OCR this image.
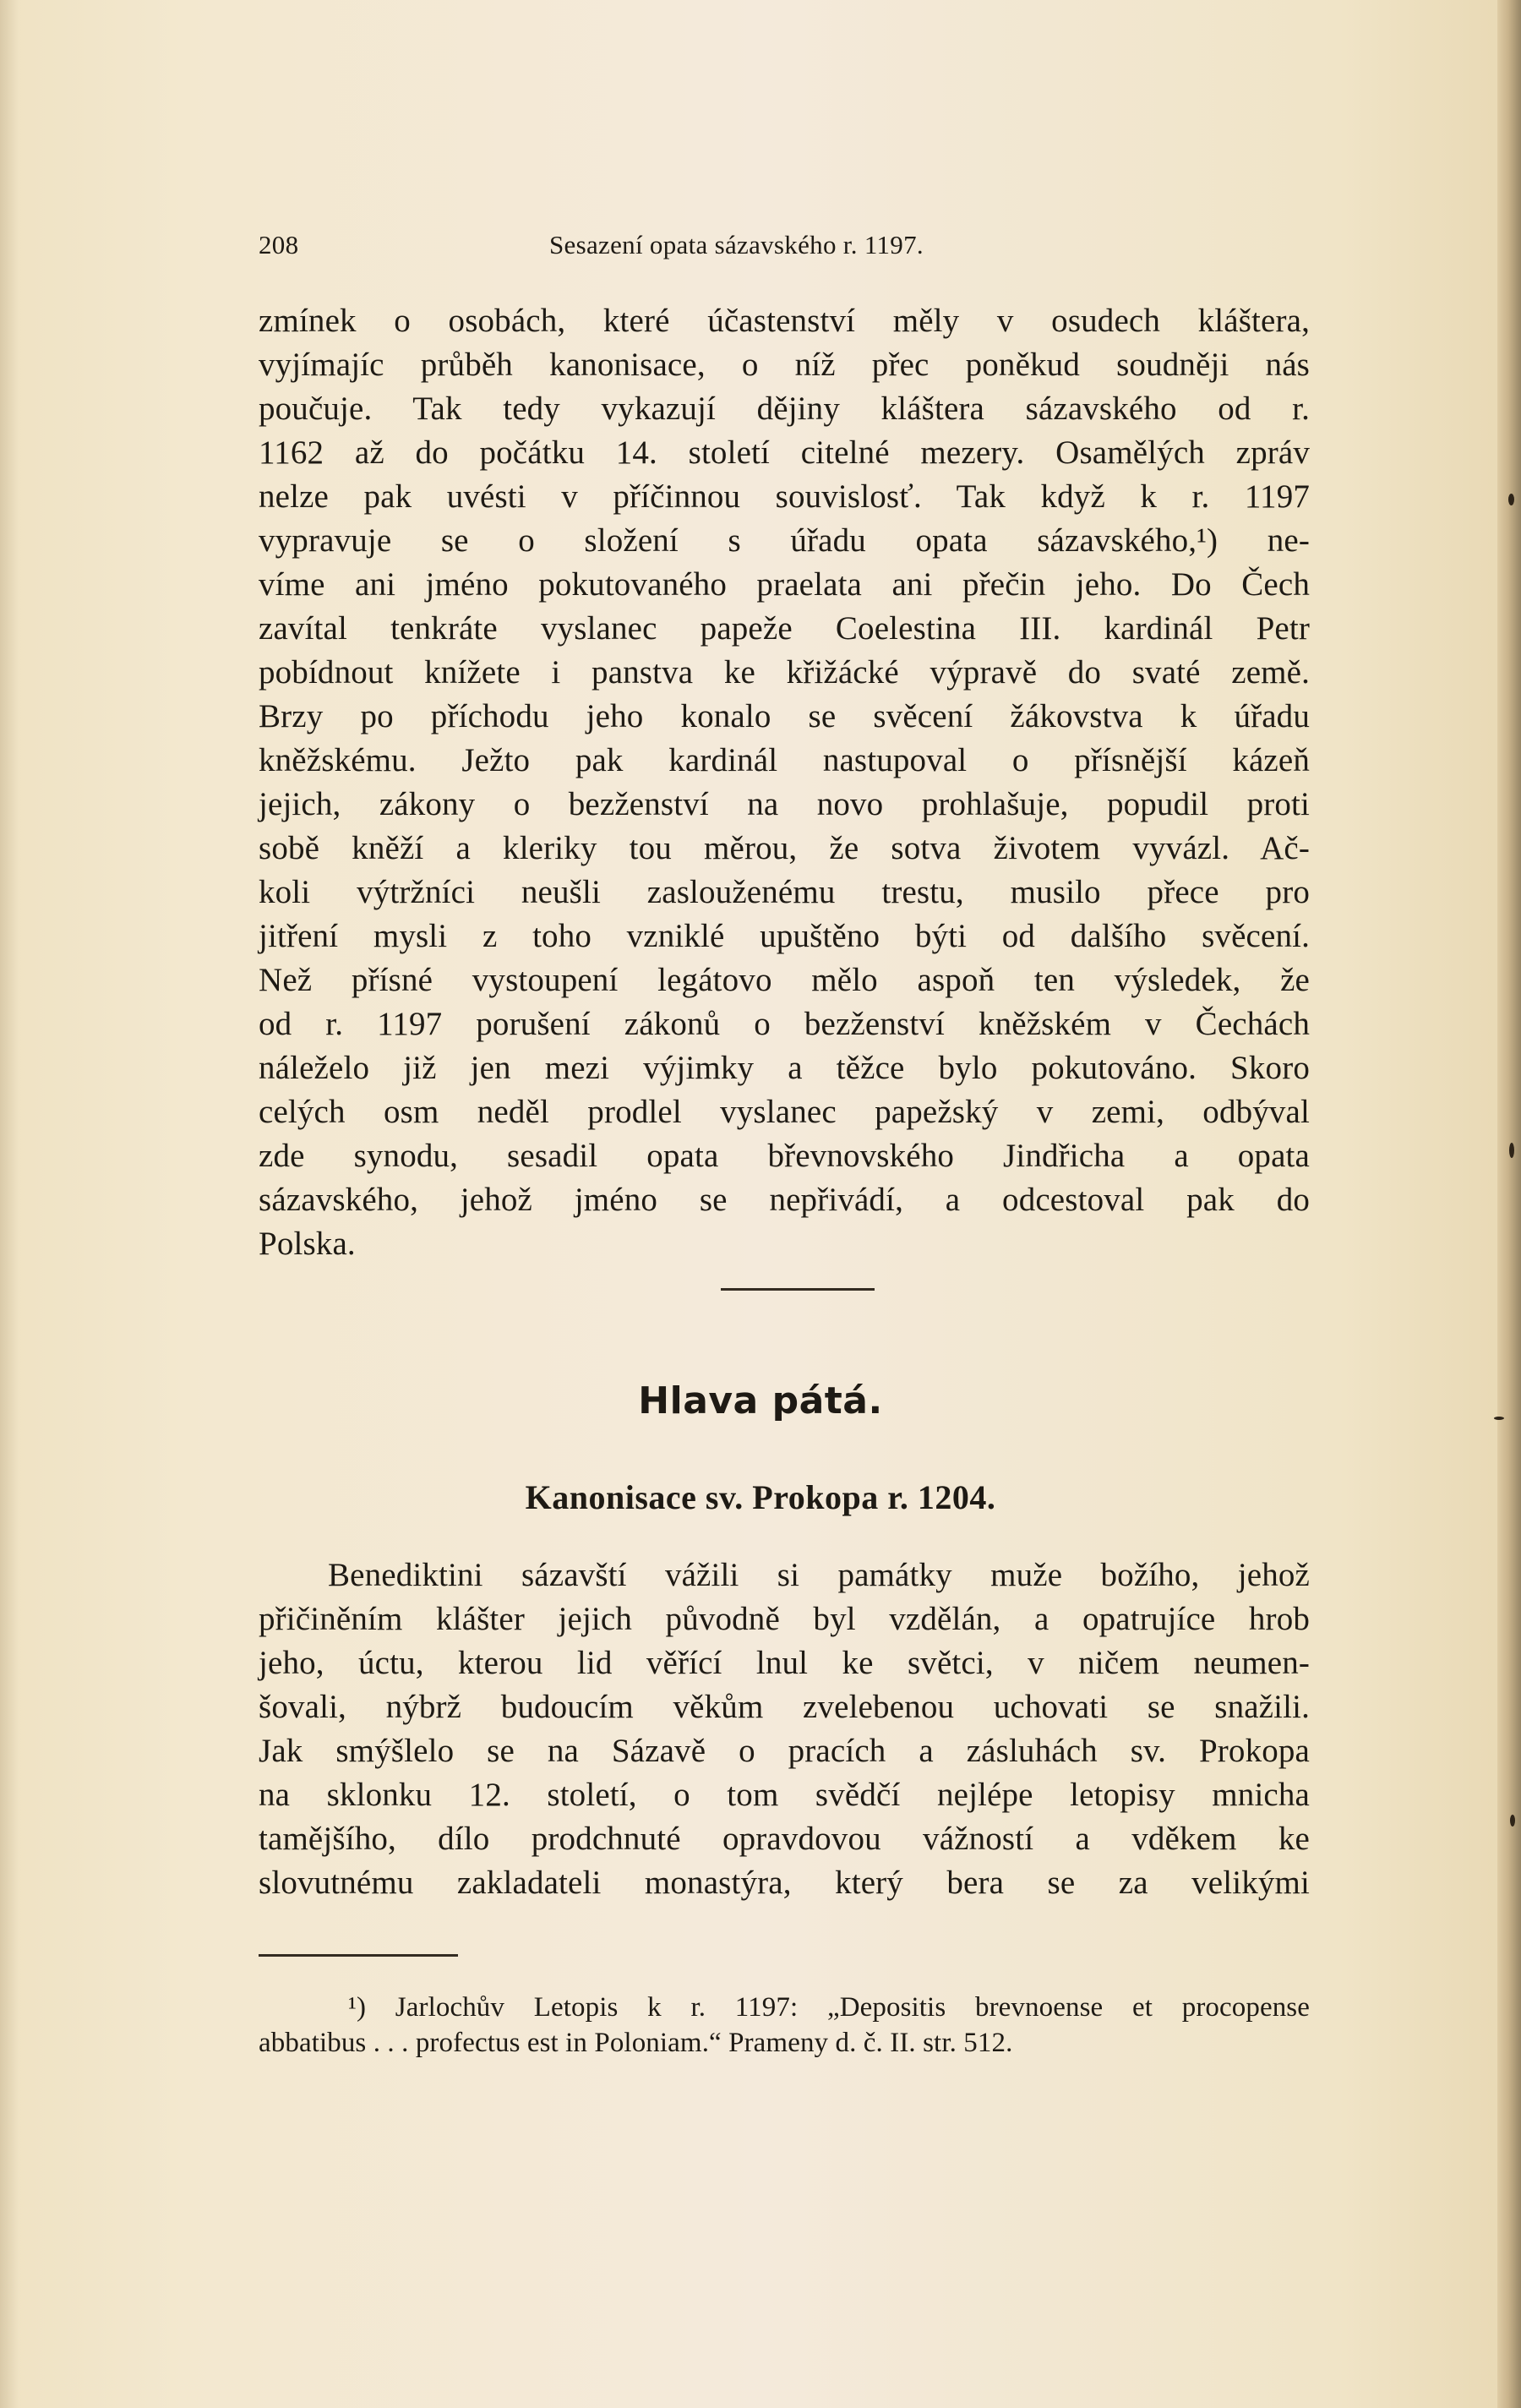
208	Sesazení opata sázavského r. 1197.
zmínek o osobách, které účastenství měly v osudech kláštera,
vyjímajíc průběh kanonisace, o níž přec poněkud soudněji nás
poučuje. Tak tedy vykazují dějiny kláštera sázavského od r.
1162 až do počátku 14. století citelné mezery. Osamělých zpráv
nelze pak uvésti v příčinnou souvislosť. Tak když k r. 1197
vypravuje se o složení s úřadu opata sázavského,¹) ne-
víme ani jméno pokutovaného praelata ani přečin jeho. Do Čech
zavítal tenkráte vyslanec papeže Coelestina III. kardinál Petr
pobídnout knížete i panstva ke křižácké výpravě do svaté země.
Brzy po příchodu jeho konalo se svěcení žákovstva k úřadu
kněžskému. Ježto pak kardinál nastupoval o přísnější kázeň
jejich, zákony o bezženství na novo prohlašuje, popudil proti
sobě kněží a kleriky tou měrou, že sotva životem vyvázl. Ač-
koli výtržníci neušli zaslouženému trestu, musilo přece pro
jitření mysli z toho vzniklé upuštěno býti od dalšího svěcení.
Než přísné vystoupení legátovo mělo aspoň ten výsledek, že
od r. 1197 porušení zákonů o bezženství kněžském v Čechách
náleželo již jen mezi výjimky a těžce bylo pokutováno. Skoro
celých osm neděl prodlel vyslanec papežský v zemi, odbýval
zde synodu, sesadil opata břevnovského Jindřicha a opata
sázavského, jehož jméno se nepřivádí, a odcestoval pak do
Polska.
Hlava pátá.
Kanonisace sv. Prokopa r. 1204.
Benediktini sázavští vážili si památky muže božího, jehož
přičiněním klášter jejich původně byl vzdělán, a opatrujíce hrob
jeho, úctu, kterou lid věřící lnul ke světci, v ničem neumen-
šovali, nýbrž budoucím věkům zvelebenou uchovati se snažili.
Jak smýšlelo se na Sázavě o pracích a zásluhách sv. Prokopa
na sklonku 12. století, o tom svědčí nejlépe letopisy mnicha
tamějšího, dílo prodchnuté opravdovou vážností a vděkem ke
slovutnému zakladateli monastýra, který bera se za velikými
¹) Jarlochův Letopis k r. 1197: „Depositis brevnoense et procopense
abbatibus . . . profectus est in Poloniam.“ Prameny d. č. II. str. 512.
